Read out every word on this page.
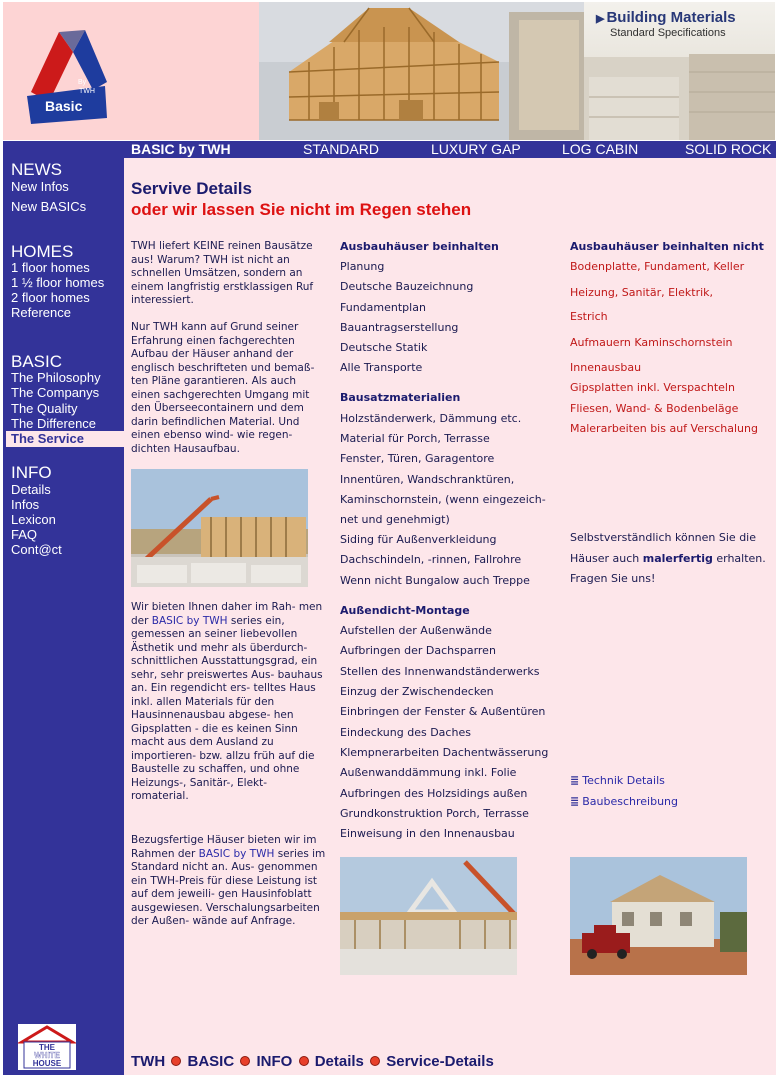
Basic
By
TWH
▶ Building Materials
Standard Specifications
BASIC by TWH	STANDARD	LUXURY GAP	LOG CABIN	SOLID ROCK
NEWS
New Infos
New BASICs
HOMES
1 floor homes
1 ½ floor homes
2 floor homes
Reference
BASIC
The Philosophy
The Companys
The Quality
The Difference
The Service
INFO
Details
Infos
Lexicon
FAQ
Cont@ct
THE
WHITE
HOUSE
Servive Details
oder wir lassen Sie nicht im Regen stehen
TWH liefert KEINE reinen Bausätze aus! Warum? TWH ist nicht an schnellen Umsätzen, sondern an einem langfristig erstklassigen Ruf interessiert.
Nur TWH kann auf Grund seiner Erfahrung einen fachgerechten Aufbau der Häuser anhand der englisch beschrifteten und bemaß- ten Pläne garantieren. Als auch einen sachgerechten Umgang mit den Überseecontainern und dem darin befindlichen Material. Und einen ebenso wind- wie regen- dichten Hausaufbau.
Wir bieten Ihnen daher im Rah- men der BASIC by TWH series ein, gemessen an seiner liebevollen Ästhetik und mehr als überdurch- schnittlichen Ausstattungsgrad, ein sehr, sehr preiswertes Aus- bauhaus an. Ein regendicht ers- telltes Haus inkl. allen Materials für den Hausinnenausbau abgese- hen Gipsplatten - die es keinen Sinn macht aus dem Ausland zu importieren- bzw. allzu früh auf die Baustelle zu schaffen, und ohne Heizungs-, Sanitär-, Elekt- romaterial.
Bezugsfertige Häuser bieten wir im Rahmen der BASIC by TWH series im Standard nicht an. Aus- genommen ein TWH-Preis für diese Leistung ist auf dem jeweili- gen Hausinfoblatt ausgewiesen. Verschalungsarbeiten der Außen- wände auf Anfrage.
Ausbauhäuser beinhalten
Planung
Deutsche Bauzeichnung
Fundamentplan
Bauantragserstellung
Deutsche Statik
Alle Transporte
Bausatzmaterialien
Holzständerwerk, Dämmung etc.
Material für Porch, Terrasse
Fenster, Türen, Garagentore
Innentüren, Wandschranktüren,
Kaminschornstein, (wenn eingezeich-
net und genehmigt)
Siding für Außenverkleidung
Dachschindeln, -rinnen, Fallrohre
Wenn nicht Bungalow auch Treppe
Außendicht-Montage
Aufstellen der Außenwände
Aufbringen der Dachsparren
Stellen des Innenwandständerwerks
Einzug der Zwischendecken
Einbringen der Fenster & Außentüren
Eindeckung des Daches
Klempnerarbeiten Dachentwässerung
Außenwanddämmung inkl. Folie
Aufbringen des Holzsidings außen
Grundkonstruktion Porch, Terrasse
Einweisung in den Innenausbau
Ausbauhäuser beinhalten nicht
Bodenplatte, Fundament, Keller
Heizung, Sanitär, Elektrik,
Estrich
Aufmauern Kaminschornstein
Innenausbau
Gipsplatten inkl. Verspachteln
Fliesen, Wand- & Bodenbeläge
Malerarbeiten bis auf Verschalung
Selbstverständlich können Sie die Häuser auch malerfertig erhalten. Fragen Sie uns!
≣ Technik Details
≣ Baubeschreibung
TWH BASIC INFO Details Service-Details
